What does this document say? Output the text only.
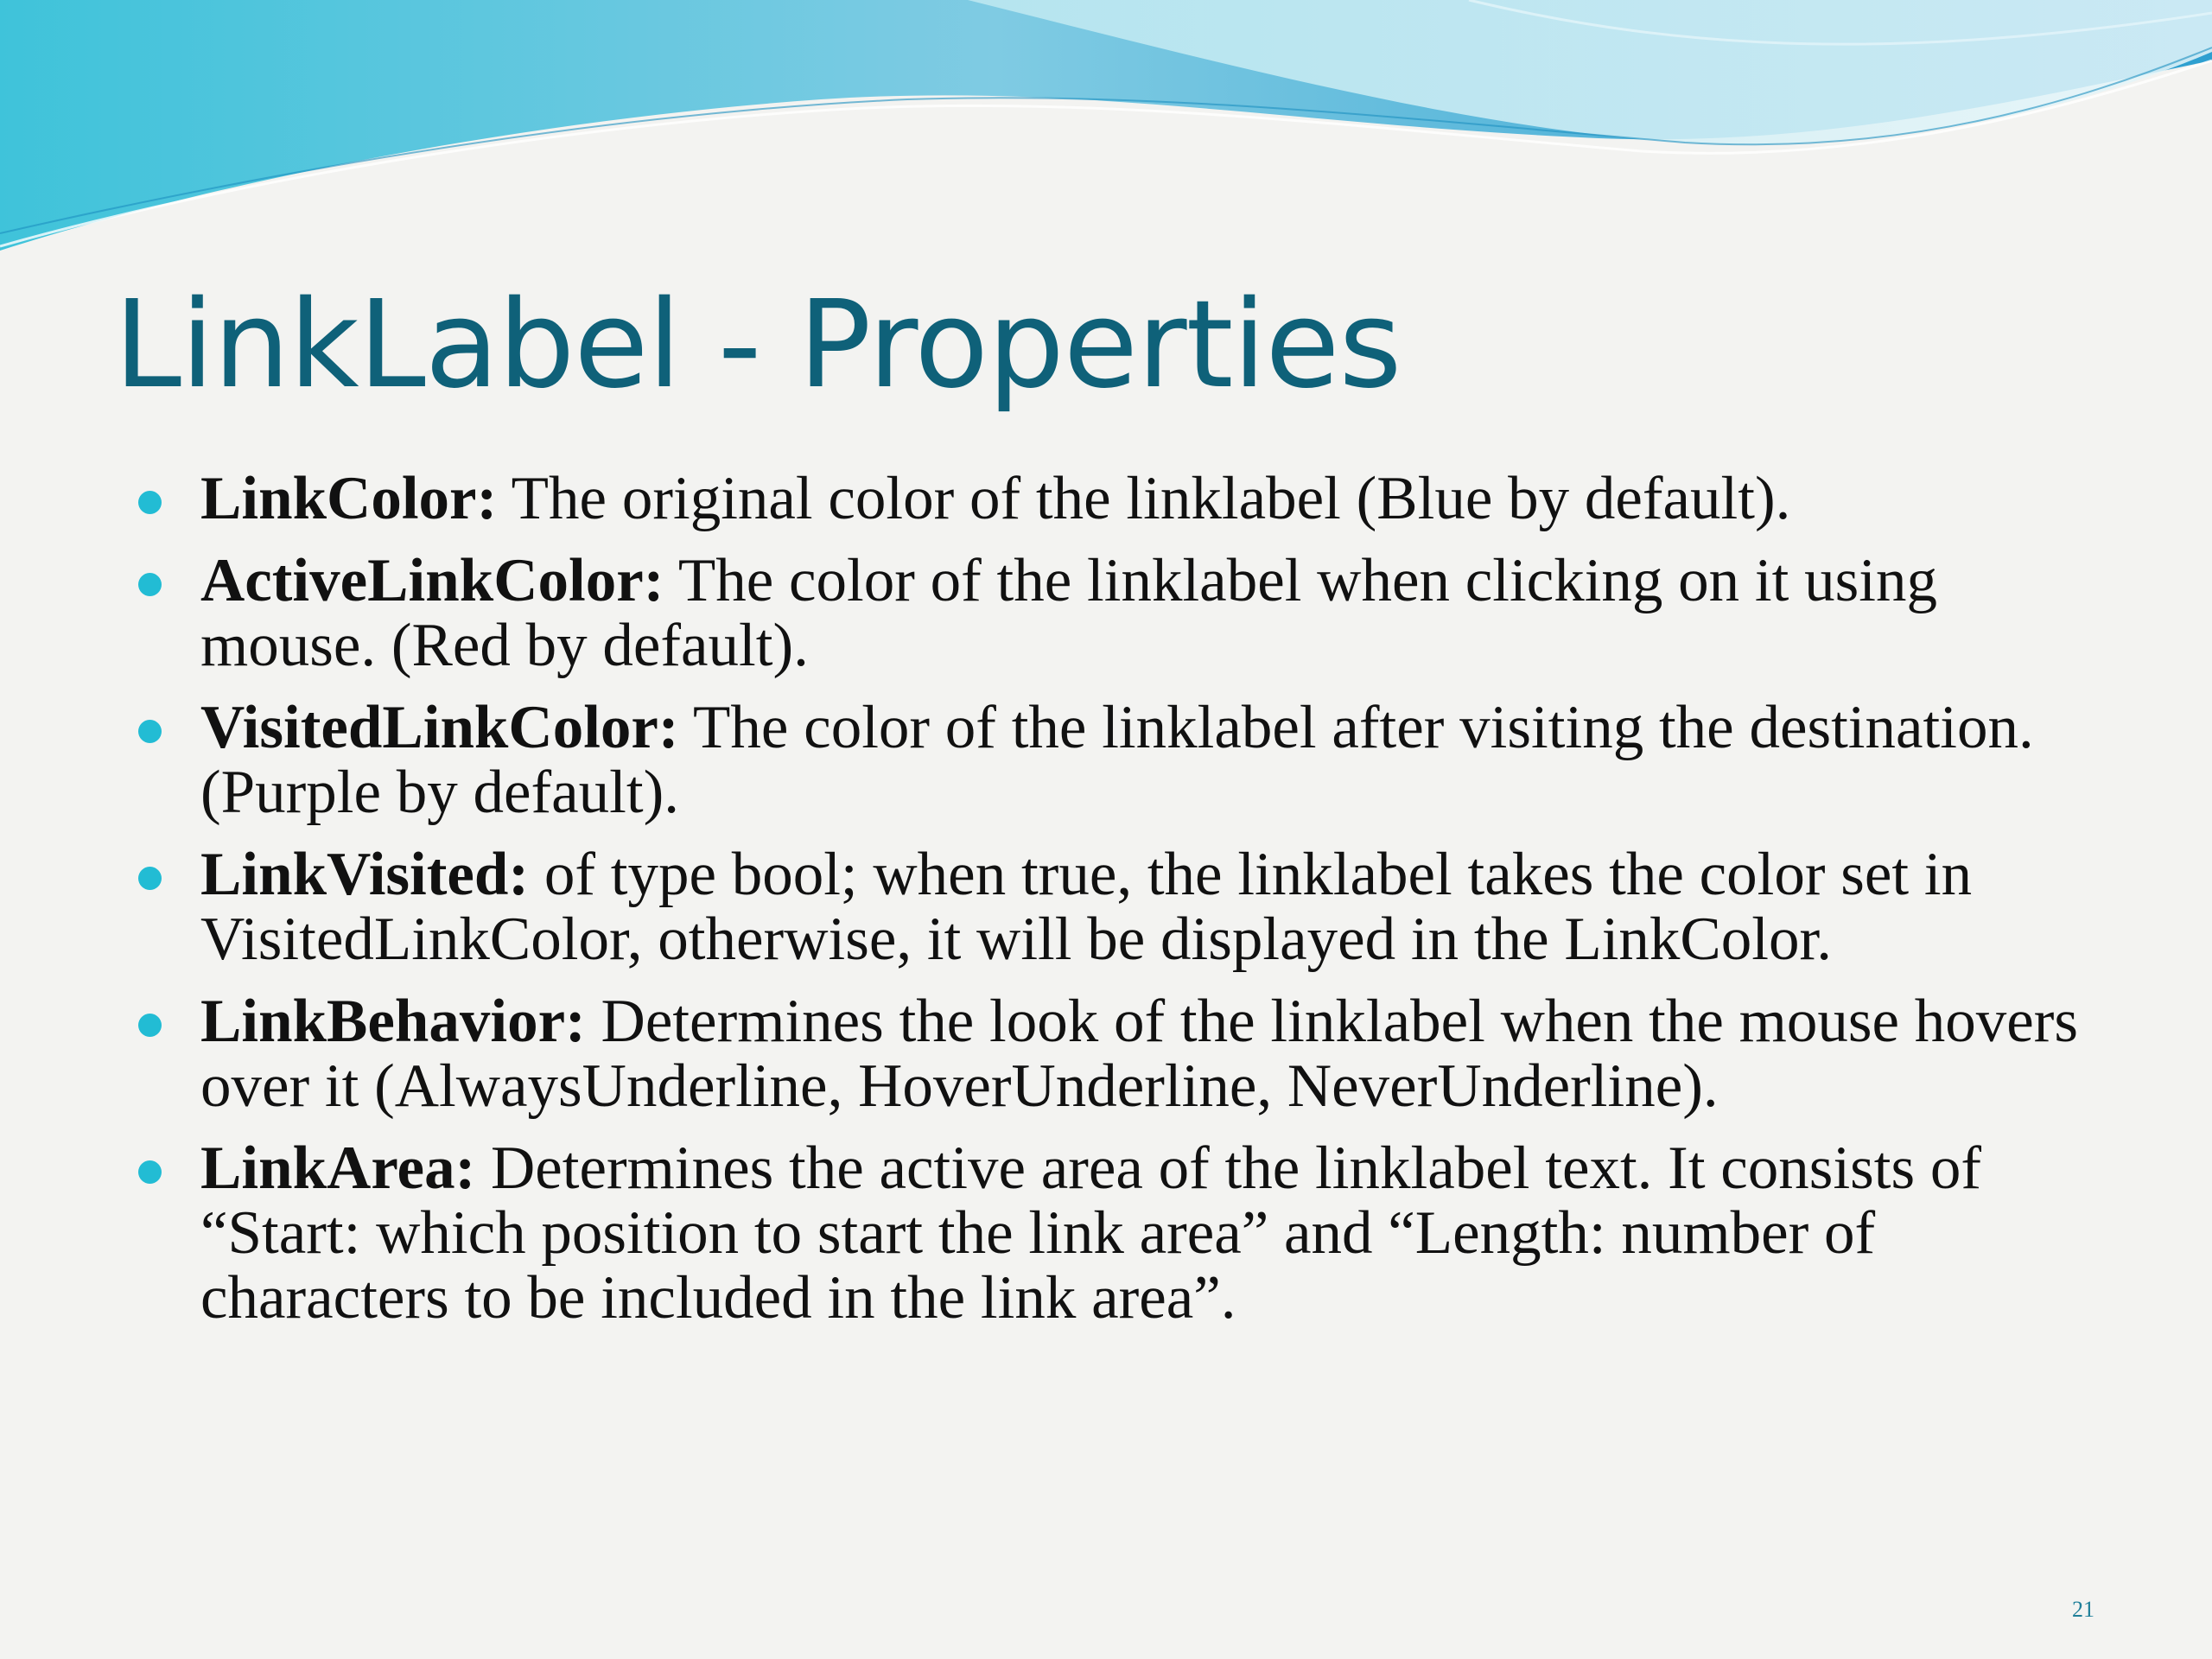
LinkLabel - Properties
LinkColor: The original color of the linklabel (Blue by default).
ActiveLinkColor: The color of the linklabel when clicking on it using mouse. (Red by default).
VisitedLinkColor: The color of the linklabel after visiting the destination. (Purple by default).
LinkVisited: of type bool; when true, the linklabel takes the color set in VisitedLinkColor, otherwise, it will be displayed in the LinkColor.
LinkBehavior: Determines the look of the linklabel when the mouse hovers over it (AlwaysUnderline, HoverUnderline, NeverUnderline).
LinkArea: Determines the active area of the linklabel text. It consists of “Start: which position to start the link area” and “Length: number of characters to be included in the link area”.
21
